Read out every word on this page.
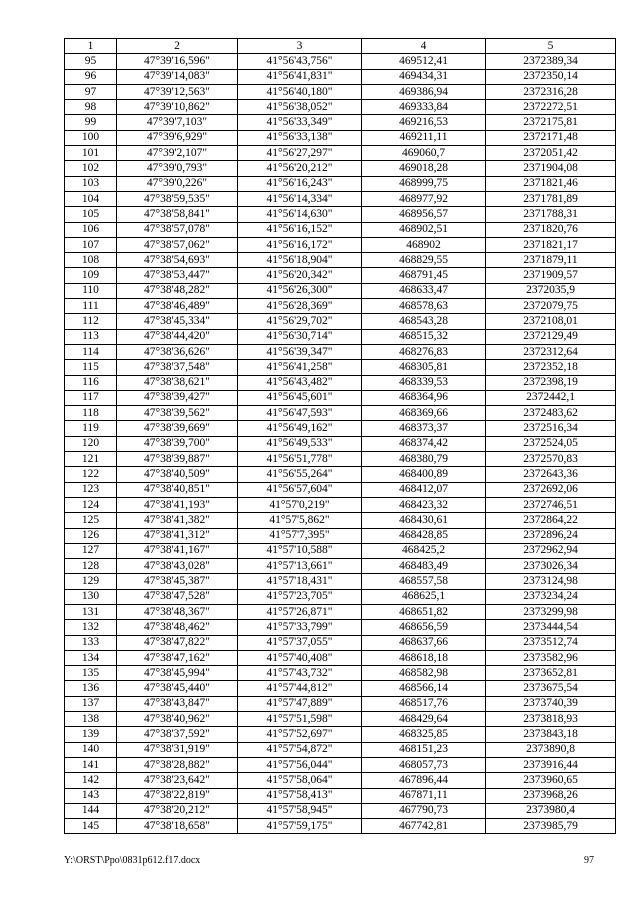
1	2	3	4	5
95	47°39'16,596"	41°56'43,756"	469512,41	2372389,34
96	47°39'14,083"	41°56'41,831"	469434,31	2372350,14
97	47°39'12,563"	41°56'40,180"	469386,94	2372316,28
98	47°39'10,862"	41°56'38,052"	469333,84	2372272,51
99	47°39'7,103"	41°56'33,349"	469216,53	2372175,81
100	47°39'6,929"	41°56'33,138"	469211,11	2372171,48
101	47°39'2,107"	41°56'27,297"	469060,7	2372051,42
102	47°39'0,793"	41°56'20,212"	469018,28	2371904,08
103	47°39'0,226"	41°56'16,243"	468999,75	2371821,46
104	47°38'59,535"	41°56'14,334"	468977,92	2371781,89
105	47°38'58,841"	41°56'14,630"	468956,57	2371788,31
106	47°38'57,078"	41°56'16,152"	468902,51	2371820,76
107	47°38'57,062"	41°56'16,172"	468902	2371821,17
108	47°38'54,693"	41°56'18,904"	468829,55	2371879,11
109	47°38'53,447"	41°56'20,342"	468791,45	2371909,57
110	47°38'48,282"	41°56'26,300"	468633,47	2372035,9
111	47°38'46,489"	41°56'28,369"	468578,63	2372079,75
112	47°38'45,334"	41°56'29,702"	468543,28	2372108,01
113	47°38'44,420"	41°56'30,714"	468515,32	2372129,49
114	47°38'36,626"	41°56'39,347"	468276,83	2372312,64
115	47°38'37,548"	41°56'41,258"	468305,81	2372352,18
116	47°38'38,621"	41°56'43,482"	468339,53	2372398,19
117	47°38'39,427"	41°56'45,601"	468364,96	2372442,1
118	47°38'39,562"	41°56'47,593"	468369,66	2372483,62
119	47°38'39,669"	41°56'49,162"	468373,37	2372516,34
120	47°38'39,700"	41°56'49,533"	468374,42	2372524,05
121	47°38'39,887"	41°56'51,778"	468380,79	2372570,83
122	47°38'40,509"	41°56'55,264"	468400,89	2372643,36
123	47°38'40,851"	41°56'57,604"	468412,07	2372692,06
124	47°38'41,193"	41°57'0,219"	468423,32	2372746,51
125	47°38'41,382"	41°57'5,862"	468430,61	2372864,22
126	47°38'41,312"	41°57'7,395"	468428,85	2372896,24
127	47°38'41,167"	41°57'10,588"	468425,2	2372962,94
128	47°38'43,028"	41°57'13,661"	468483,49	2373026,34
129	47°38'45,387"	41°57'18,431"	468557,58	2373124,98
130	47°38'47,528"	41°57'23,705"	468625,1	2373234,24
131	47°38'48,367"	41°57'26,871"	468651,82	2373299,98
132	47°38'48,462"	41°57'33,799"	468656,59	2373444,54
133	47°38'47,822"	41°57'37,055"	468637,66	2373512,74
134	47°38'47,162"	41°57'40,408"	468618,18	2373582,96
135	47°38'45,994"	41°57'43,732"	468582,98	2373652,81
136	47°38'45,440"	41°57'44,812"	468566,14	2373675,54
137	47°38'43,847"	41°57'47,889"	468517,76	2373740,39
138	47°38'40,962"	41°57'51,598"	468429,64	2373818,93
139	47°38'37,592"	41°57'52,697"	468325,85	2373843,18
140	47°38'31,919"	41°57'54,872"	468151,23	2373890,8
141	47°38'28,882"	41°57'56,044"	468057,73	2373916,44
142	47°38'23,642"	41°57'58,064"	467896,44	2373960,65
143	47°38'22,819"	41°57'58,413"	467871,11	2373968,26
144	47°38'20,212"	41°57'58,945"	467790,73	2373980,4
145	47°38'18,658"	41°57'59,175"	467742,81	2373985,79
Y:\ORST\Ppo\0831p612.f17.docx	97
